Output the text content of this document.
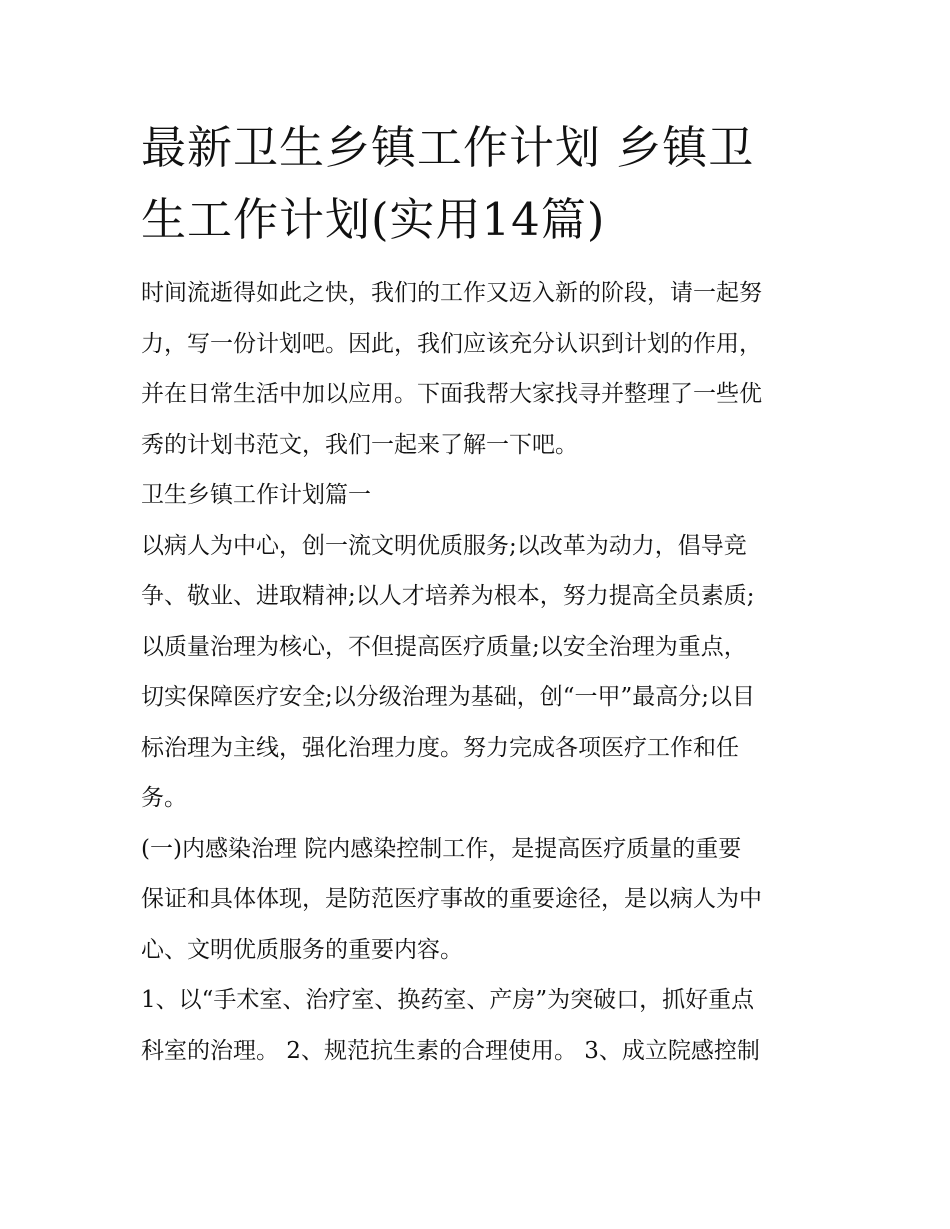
最新卫生乡镇工作计划 乡镇卫
生工作计划(实用14篇)

时间流逝得如此之快，我们的工作又迈入新的阶段，请一起努
力，写一份计划吧。因此，我们应该充分认识到计划的作用，
并在日常生活中加以应用。下面我帮大家找寻并整理了一些优
秀的计划书范文，我们一起来了解一下吧。

卫生乡镇工作计划篇一

以病人为中心，创一流文明优质服务;以改革为动力，倡导竞
争、敬业、进取精神;以人才培养为根本，努力提高全员素质;
以质量治理为核心，不但提高医疗质量;以安全治理为重点，
切实保障医疗安全;以分级治理为基础，创“一甲”最高分;以目
标治理为主线，强化治理力度。努力完成各项医疗工作和任
务。

(一)内感染治理 院内感染控制工作，是提高医疗质量的重要
保证和具体体现，是防范医疗事故的重要途径，是以病人为中
心、文明优质服务的重要内容。

1、以“手术室、治疗室、换药室、产房”为突破口，抓好重点
科室的治理。 2、规范抗生素的合理使用。 3、成立院感控制
